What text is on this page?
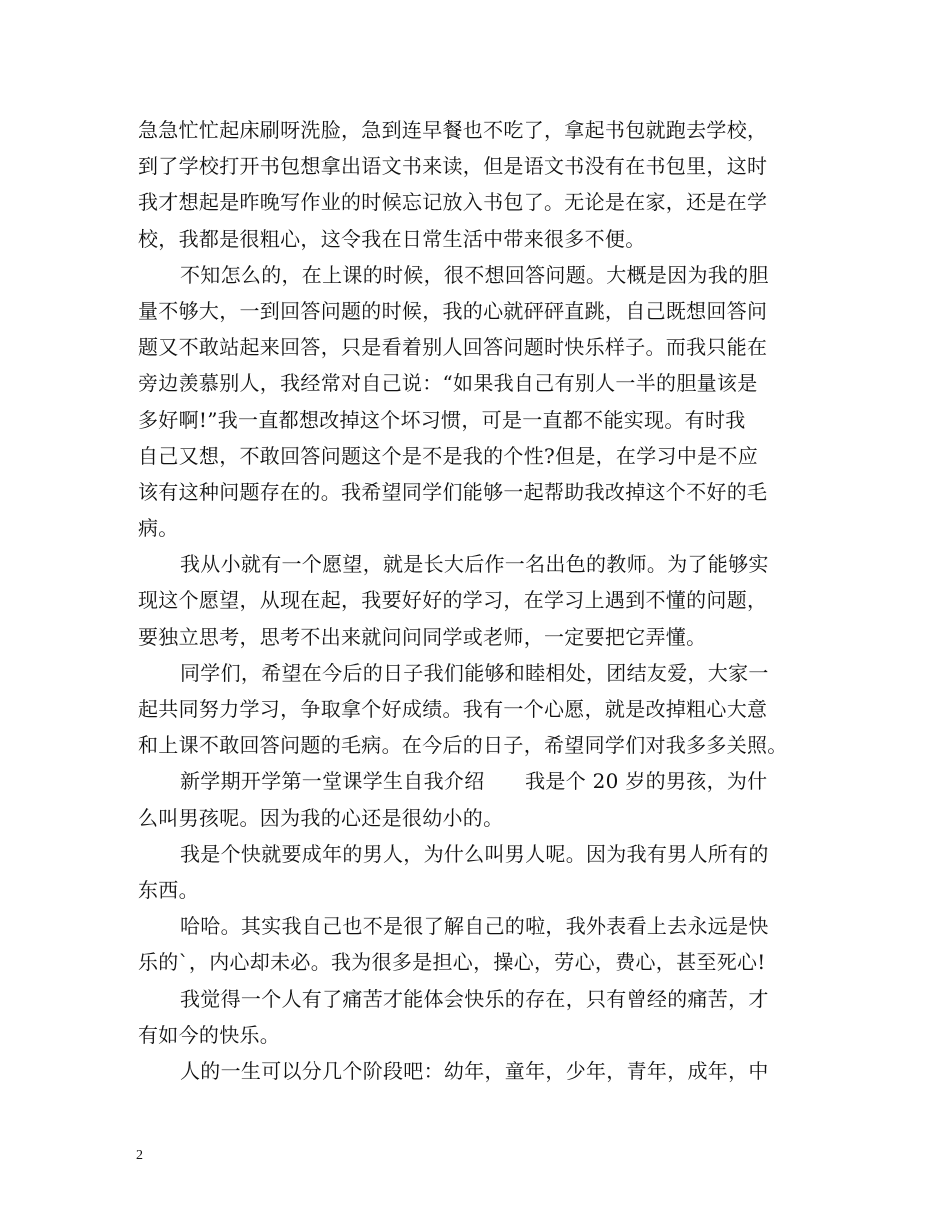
急急忙忙起床刷呀洗脸，急到连早餐也不吃了，拿起书包就跑去学校，
到了学校打开书包想拿出语文书来读，但是语文书没有在书包里，这时
我才想起是昨晚写作业的时候忘记放入书包了。无论是在家，还是在学
校，我都是很粗心，这令我在日常生活中带来很多不便。
不知怎么的，在上课的时候，很不想回答问题。大概是因为我的胆
量不够大，一到回答问题的时候，我的心就砰砰直跳，自己既想回答问
题又不敢站起来回答，只是看着别人回答问题时快乐样子。而我只能在
旁边羡慕别人，我经常对自己说：“如果我自己有别人一半的胆量该是
多好啊!”我一直都想改掉这个坏习惯，可是一直都不能实现。有时我
自己又想，不敢回答问题这个是不是我的个性?但是，在学习中是不应
该有这种问题存在的。我希望同学们能够一起帮助我改掉这个不好的毛
病。
我从小就有一个愿望，就是长大后作一名出色的教师。为了能够实
现这个愿望，从现在起，我要好好的学习，在学习上遇到不懂的问题，
要独立思考，思考不出来就问问同学或老师，一定要把它弄懂。
同学们，希望在今后的日子我们能够和睦相处，团结友爱，大家一
起共同努力学习，争取拿个好成绩。我有一个心愿，就是改掉粗心大意
和上课不敢回答问题的毛病。在今后的日子，希望同学们对我多多关照。
新学期开学第一堂课学生自我介绍　　我是个 20 岁的男孩，为什
么叫男孩呢。因为我的心还是很幼小的。
我是个快就要成年的男人，为什么叫男人呢。因为我有男人所有的
东西。
哈哈。其实我自己也不是很了解自己的啦，我外表看上去永远是快
乐的`，内心却未必。我为很多是担心，操心，劳心，费心，甚至死心!
我觉得一个人有了痛苦才能体会快乐的存在，只有曾经的痛苦，才
有如今的快乐。
人的一生可以分几个阶段吧：幼年，童年，少年，青年，成年，中
2
